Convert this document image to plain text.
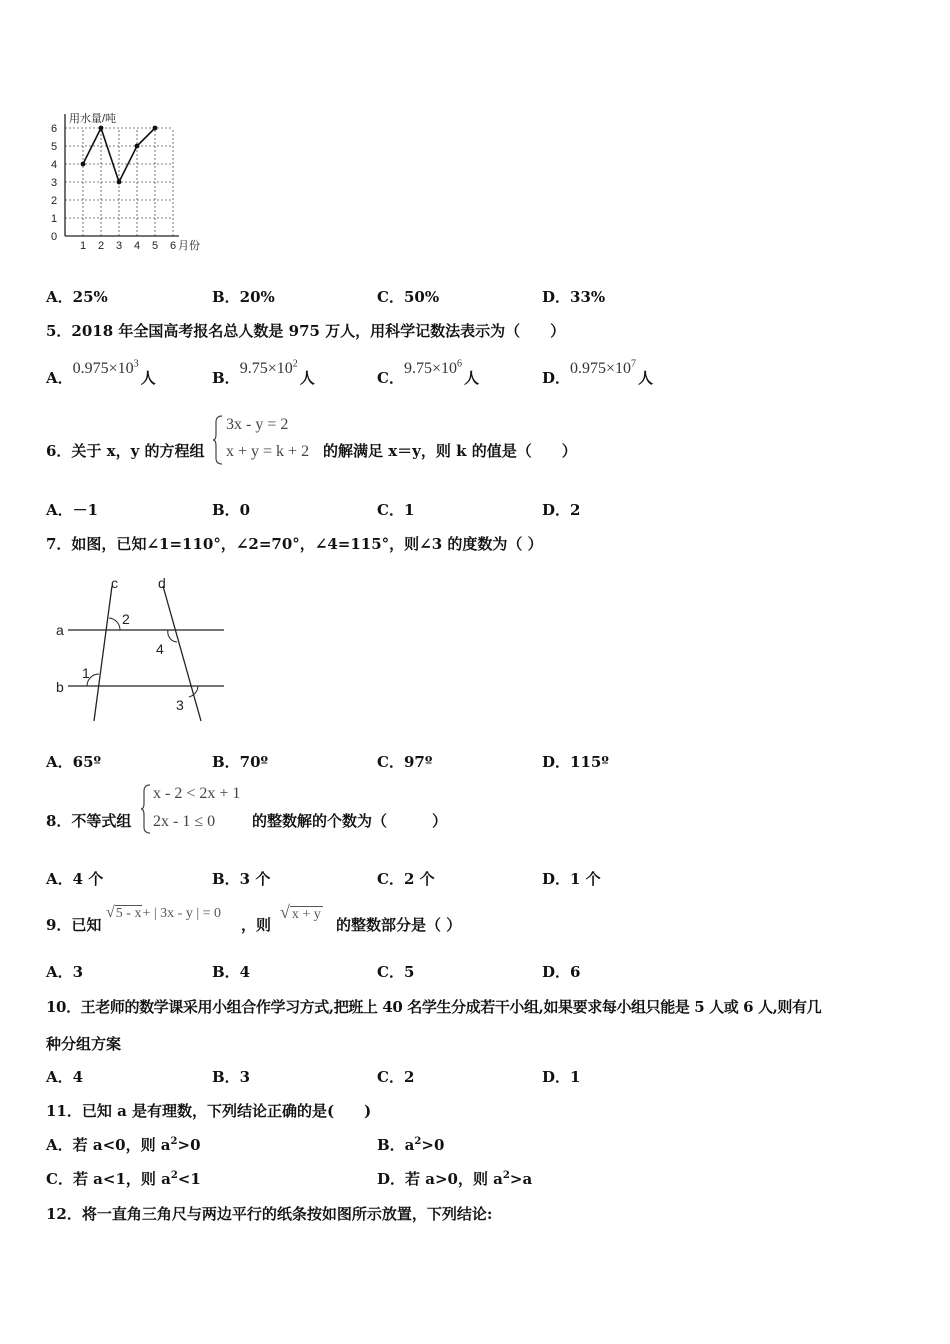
0
1
2
3
4
5
6
1 2 3 4 5 6
用水量/吨
月份
A．25%	B．20%	C．50%	D．33%
5．2018 年全国高考报名总人数是 975 万人，用科学记数法表示为（　　）
A．$0.975\times 10^3$人	B．$9.75\times 10^2$人	C．$9.75\times 10^6$人	D．$0.975\times 10^7$人
6．关于 x，y 的方程组
3x - y = 2
x + y = k + 2 的解满足 x＝y，则 k 的值是（　　）
A．－1	B．0	C．1	D．2
7．如图，已知∠1=110°，∠2=70°，∠4=115°，则∠3 的度数为（ ）
c	d
a
b
1
2
3
4
A．65º	B．70º	C．97º	D．115º
8．不等式组
x - 2 < 2x + 1
2x - 1 ≤ 0 的整数解的个数为（　　　）
A．4 个	B．3 个	C．2 个	D．1 个
9．已知
√5 - x+ | 3x - y | = 0
，则
√ x + y
的整数部分是（ ）
A．3	B．4	C．5	D．6
10．王老师的数学课采用小组合作学习方式,把班上 40 名学生分成若干小组,如果要求每小组只能是 5 人或 6 人,则有几
种分组方案
A．4	B．3	C．2	D．1
11．已知 a 是有理数，下列结论正确的是(　　)
A．若 a<0，则 $a^2>0$	B．$a^2>0$
C．若 a<1，则 $a^2<1$	D．若 a>0，则 $a^2>a$
12．将一直角三角尺与两边平行的纸条按如图所示放置，下列结论:
